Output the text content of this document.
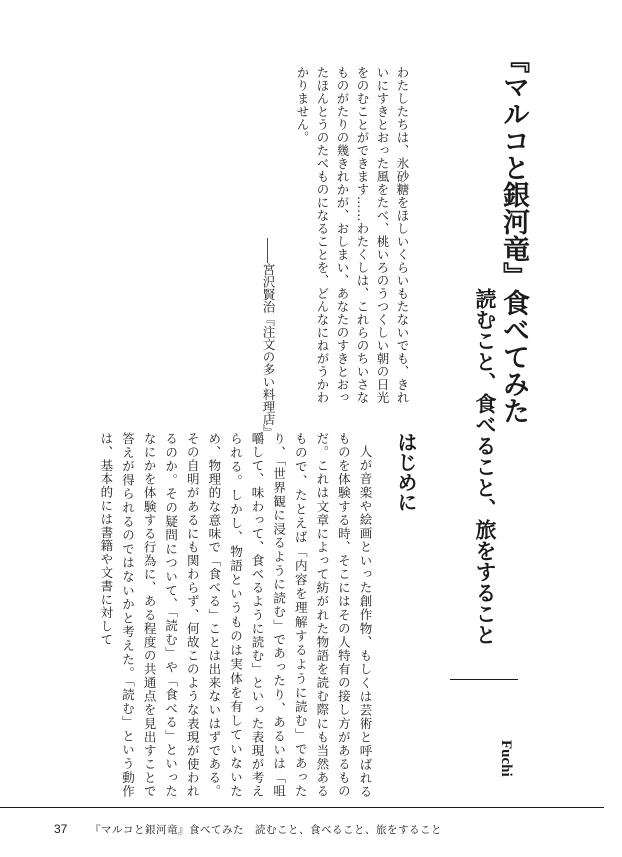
『マルコと銀河竜』食べてみた
読むこと、食べること、旅をすること
Fuchi
わたしたちは、氷砂糖をほしいくらいもたないでも、きれいにすきとおった風をたべ、桃いろのうつくしい朝の日光をのむことができます……わたくしは、これらのちいさなものがたりの幾きれかが、おしまい、あなたのすきとおったほんとうのたべものになることを、どんなにねがうかわかりません。
――宮沢賢治『注文の多い料理店』
はじめに

人が音楽や絵画といった創作物、もしくは芸術と呼ばれるものを体験する時、そこにはその人特有の接し方があるものだ。これは文章によって紡がれた物語を読む際にも当然あるもので、たとえば「内容を理解するように読む」であったり、「世界観に浸るように読む」であったり、あるいは「咀嚼して、味わって、食べるように読む」といった表現が考えられる。しかし、物語というものは実体を有していないため、物理的な意味で「食べる」ことは出来ないはずである。その自明があるにも関わらず、何故このような表現が使われるのか。その疑問について、「読む」や「食べる」といったなにかを体験する行為に、ある程度の共通点を見出すことで答えが得られるのではないかと考えた。「読む」という動作は、基本的には書籍や文書に対して

37 『マルコと銀河竜』食べてみた　読むこと、食べること、旅をすること
